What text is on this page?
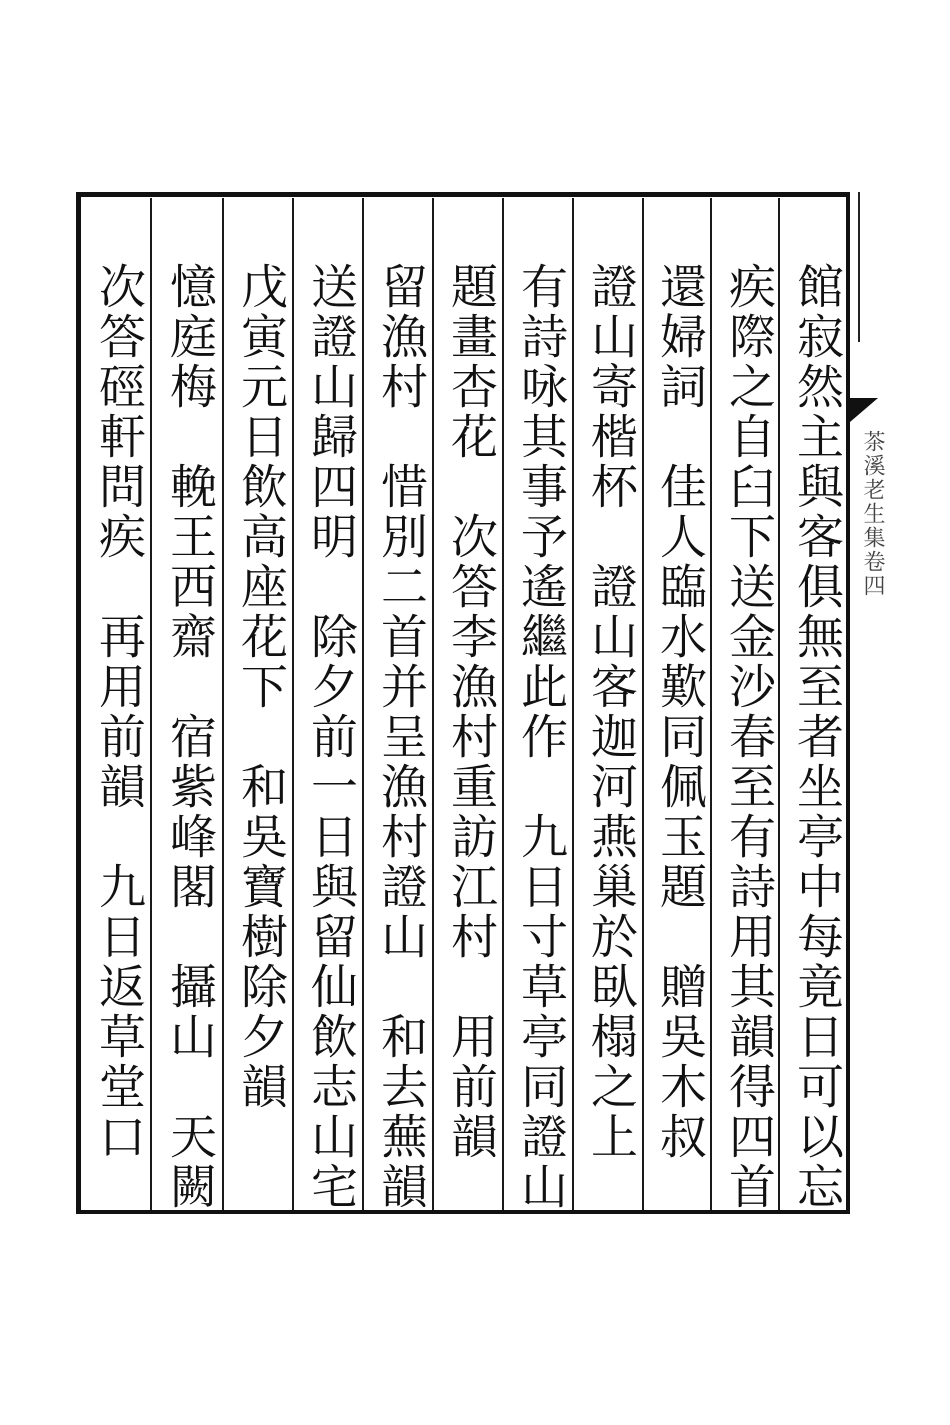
茶溪老生集卷四
館寂然主與客俱無至者坐亭中每竟日可以忘
疾際之自臼下送金沙春至有詩用其韻得四首
還婦詞　佳人臨水歎同佩玉題　贈吳木叔
證山寄楷杯　證山客迦河燕巢於臥榻之上
有詩咏其事予遙繼此作　九日寸草亭同證山
題畫杏花　次答李漁村重訪江村　用前韻
留漁村　惜別二首并呈漁村證山　和去蕪韻
送證山歸四明　除夕前一日與留仙飲志山宅
戊寅元日飲高座花下　和吳寶樹除夕韻
憶庭梅　輓王西齋　宿紫峰閣　攝山　天闕
次答硜軒問疾　再用前韻　九日返草堂口
